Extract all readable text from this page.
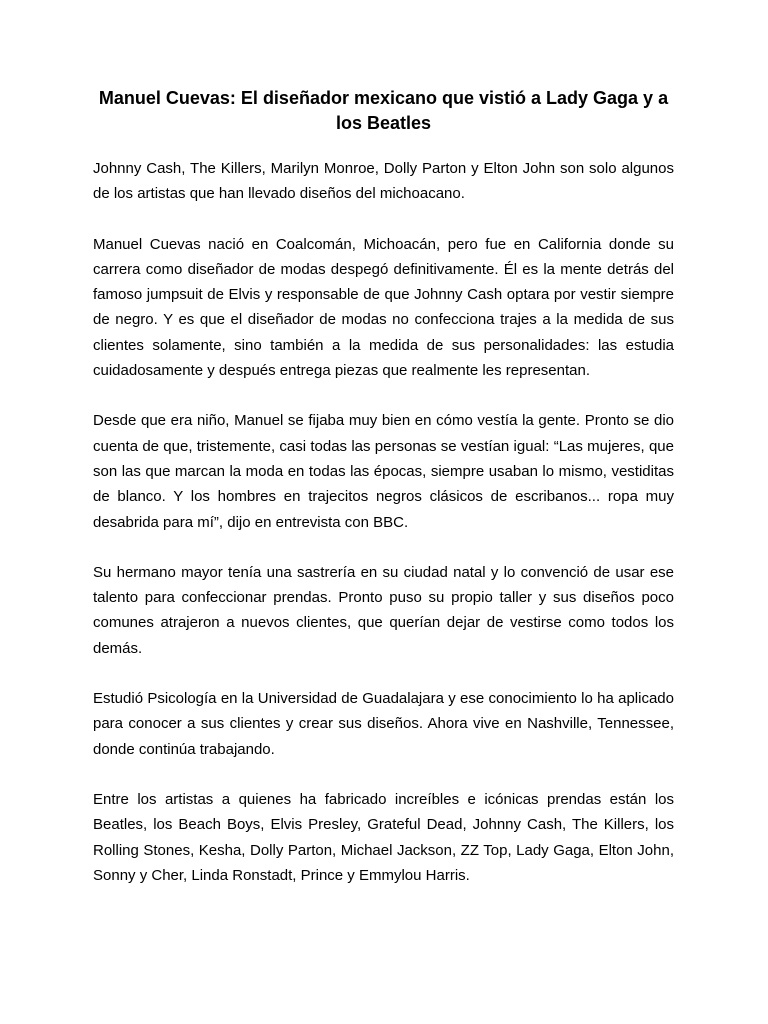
Manuel Cuevas: El diseñador mexicano que vistió a Lady Gaga y a los Beatles

Johnny Cash, The Killers, Marilyn Monroe, Dolly Parton y Elton John son solo algunos de los artistas que han llevado diseños del michoacano.

Manuel Cuevas nació en Coalcomán, Michoacán, pero fue en California donde su carrera como diseñador de modas despegó definitivamente. Él es la mente detrás del famoso jumpsuit de Elvis y responsable de que Johnny Cash optara por vestir siempre de negro. Y es que el diseñador de modas no confecciona trajes a la medida de sus clientes solamente, sino también a la medida de sus personalidades: las estudia cuidadosamente y después entrega piezas que realmente les representan.

Desde que era niño, Manuel se fijaba muy bien en cómo vestía la gente. Pronto se dio cuenta de que, tristemente, casi todas las personas se vestían igual: “Las mujeres, que son las que marcan la moda en todas las épocas, siempre usaban lo mismo, vestiditas de blanco. Y los hombres en trajecitos negros clásicos de escribanos... ropa muy desabrida para mí”, dijo en entrevista con BBC.

Su hermano mayor tenía una sastrería en su ciudad natal y lo convenció de usar ese talento para confeccionar prendas. Pronto puso su propio taller y sus diseños poco comunes atrajeron a nuevos clientes, que querían dejar de vestirse como todos los demás.

Estudió Psicología en la Universidad de Guadalajara y ese conocimiento lo ha aplicado para conocer a sus clientes y crear sus diseños. Ahora vive en Nashville, Tennessee, donde continúa trabajando.

Entre los artistas a quienes ha fabricado increíbles e icónicas prendas están los Beatles, los Beach Boys, Elvis Presley, Grateful Dead, Johnny Cash, The Killers, los Rolling Stones, Kesha, Dolly Parton, Michael Jackson, ZZ Top, Lady Gaga, Elton John, Sonny y Cher, Linda Ronstadt, Prince y Emmylou Harris.
